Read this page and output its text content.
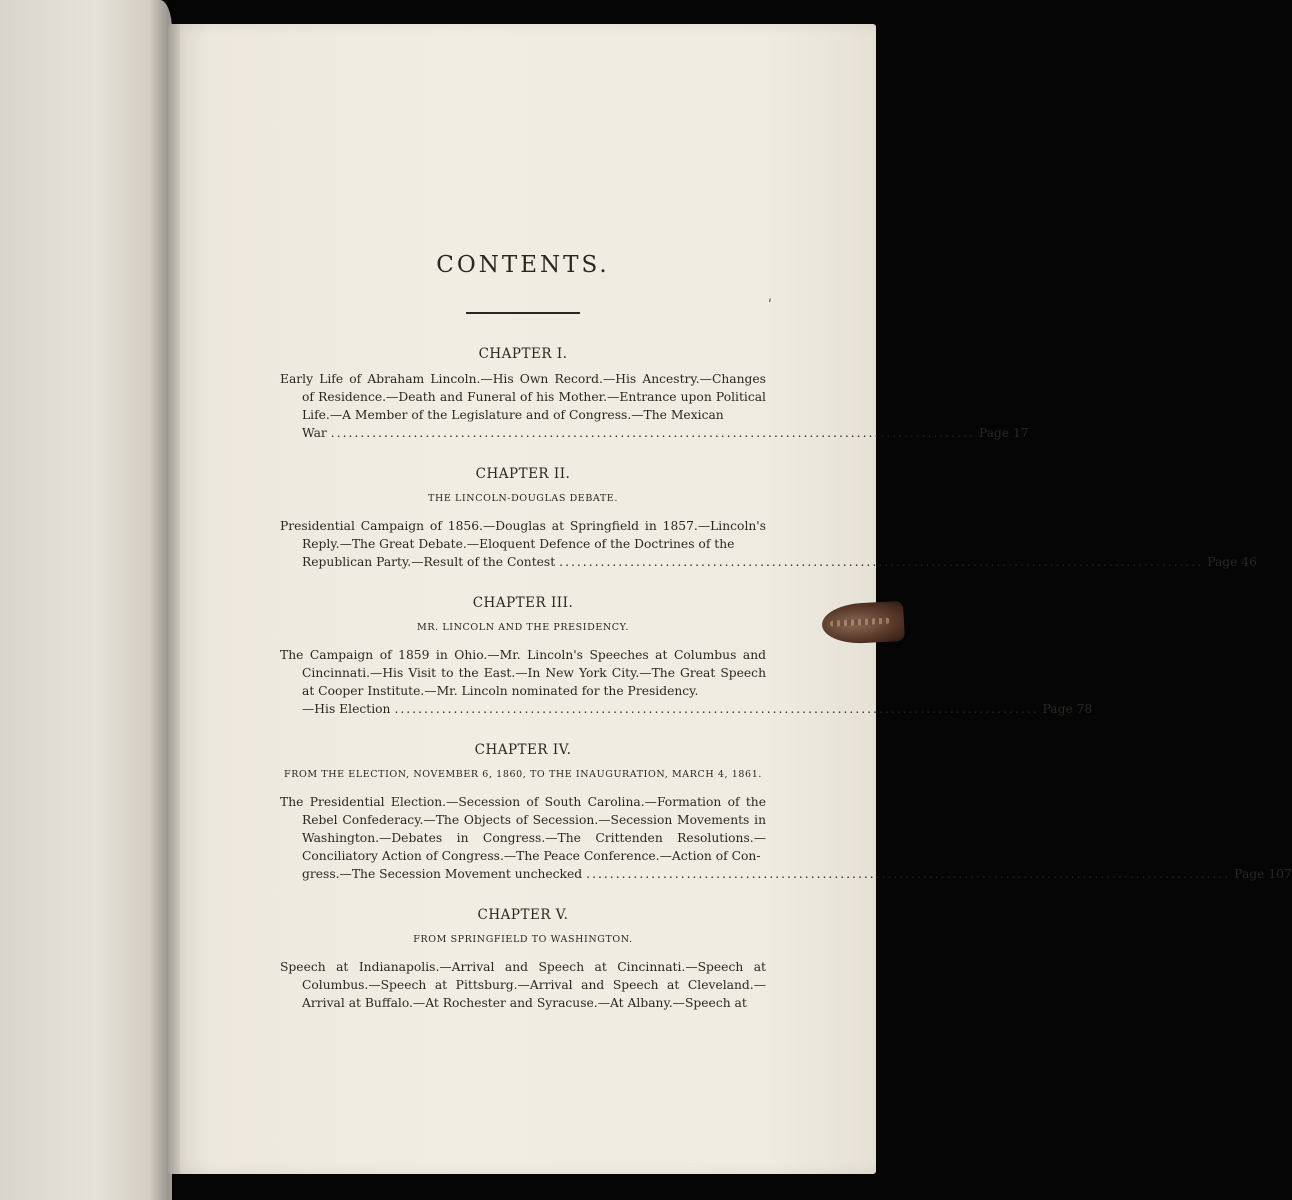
ʹ
CONTENTS.
CHAPTER I.
Early Life of Abraham Lincoln.—His Own Record.—His Ancestry.—Changes of Residence.—Death and Funeral of his Mother.—Entrance upon Political Life.—A Member of the Legislature and of Congress.—The Mexican
War ............................................................................................................. Page 17
CHAPTER II.
THE LINCOLN-DOUGLAS DEBATE.
Presidential Campaign of 1856.—Douglas at Springfield in 1857.—Lincoln's Reply.—The Great Debate.—Eloquent Defence of the Doctrines of the
Republican Party.—Result of the Contest ............................................................................................................. Page 46
CHAPTER III.
MR. LINCOLN AND THE PRESIDENCY.
The Campaign of 1859 in Ohio.—Mr. Lincoln's Speeches at Columbus and Cincinnati.—His Visit to the East.—In New York City.—The Great Speech at Cooper Institute.—Mr. Lincoln nominated for the Presidency.
—His Election ............................................................................................................. Page 78
CHAPTER IV.
FROM THE ELECTION, NOVEMBER 6, 1860, TO THE INAUGURATION, MARCH 4, 1861.
The Presidential Election.—Secession of South Carolina.—Formation of the Rebel Confederacy.—The Objects of Secession.—Secession Movements in Washington.—Debates in Congress.—The Crittenden Resolutions.—Conciliatory Action of Congress.—The Peace Conference.—Action of Con-
gress.—The Secession Movement unchecked ............................................................................................................. Page 107
CHAPTER V.
FROM SPRINGFIELD TO WASHINGTON.
Speech at Indianapolis.—Arrival and Speech at Cincinnati.—Speech at Columbus.—Speech at Pittsburg.—Arrival and Speech at Cleveland.—Arrival at Buffalo.—At Rochester and Syracuse.—At Albany.—Speech at
